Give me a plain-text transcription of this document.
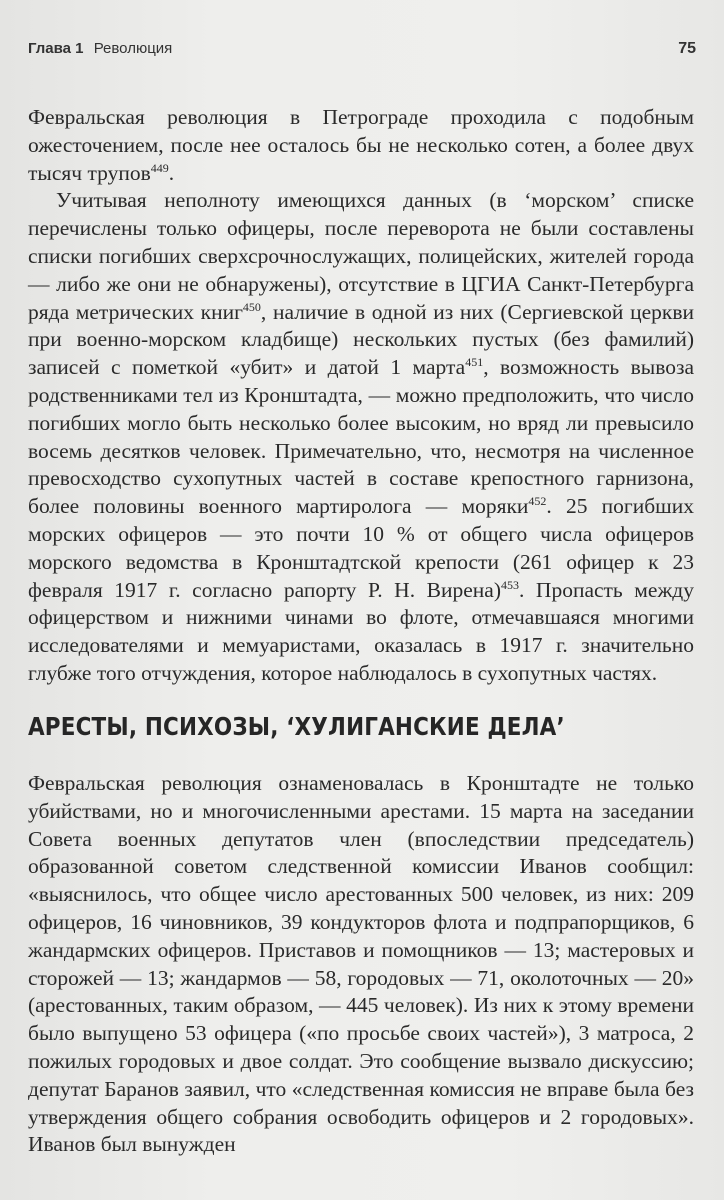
Глава 1 Революция	75

Февральская революция в Петрограде проходила с подобным ожесточением, после нее осталось бы не несколько сотен, а более двух тысяч трупов$^{449}$.

Учитывая неполноту имеющихся данных (в ‘морском’ списке перечислены только офицеры, после переворота не были составлены списки погибших сверхсрочнослужащих, полицейских, жителей города — либо же они не обнаружены), отсутствие в ЦГИА Санкт-Петербурга ряда метрических книг$^{450}$, наличие в одной из них (Сергиевской церкви при военно-морском кладбище) нескольких пустых (без фамилий) записей с пометкой «убит» и датой 1 марта$^{451}$, возможность вывоза родственниками тел из Кронштадта, — можно предположить, что число погибших могло быть несколько более высоким, но вряд ли превысило восемь десятков человек. Примечательно, что, несмотря на численное превосходство сухопутных частей в составе крепостного гарнизона, более половины военного мартиролога — моряки$^{452}$. 25 погибших морских офицеров — это почти 10 % от общего числа офицеров морского ведомства в Кронштадтской крепости (261 офицер к 23 февраля 1917 г. согласно рапорту Р. Н. Вирена)$^{453}$. Пропасть между офицерством и нижними чинами во флоте, отмечавшаяся многими исследователями и мемуаристами, оказалась в 1917 г. значительно глубже того отчуждения, которое наблюдалось в сухопутных частях.

АРЕСТЫ, ПСИХОЗЫ, ‘ХУЛИГАНСКИЕ ДЕЛА’

Февральская революция ознаменовалась в Кронштадте не только убийствами, но и многочисленными арестами. 15 марта на заседании Совета военных депутатов член (впоследствии председатель) образованной советом следственной комиссии Иванов сообщил: «выяснилось, что общее число арестованных 500 человек, из них: 209 офицеров, 16 чиновников, 39 кондукторов флота и подпрапорщиков, 6 жандармских офицеров. Приставов и помощников — 13; мастеровых и сторожей — 13; жандармов — 58, городовых — 71, околоточных — 20» (арестованных, таким образом, — 445 человек). Из них к этому времени было выпущено 53 офицера («по просьбе своих частей»), 3 матроса, 2 пожилых городовых и двое солдат. Это сообщение вызвало дискуссию; депутат Баранов заявил, что «следственная комиссия не вправе была без утверждения общего собрания освободить офицеров и 2 городовых». Иванов был вынужден
